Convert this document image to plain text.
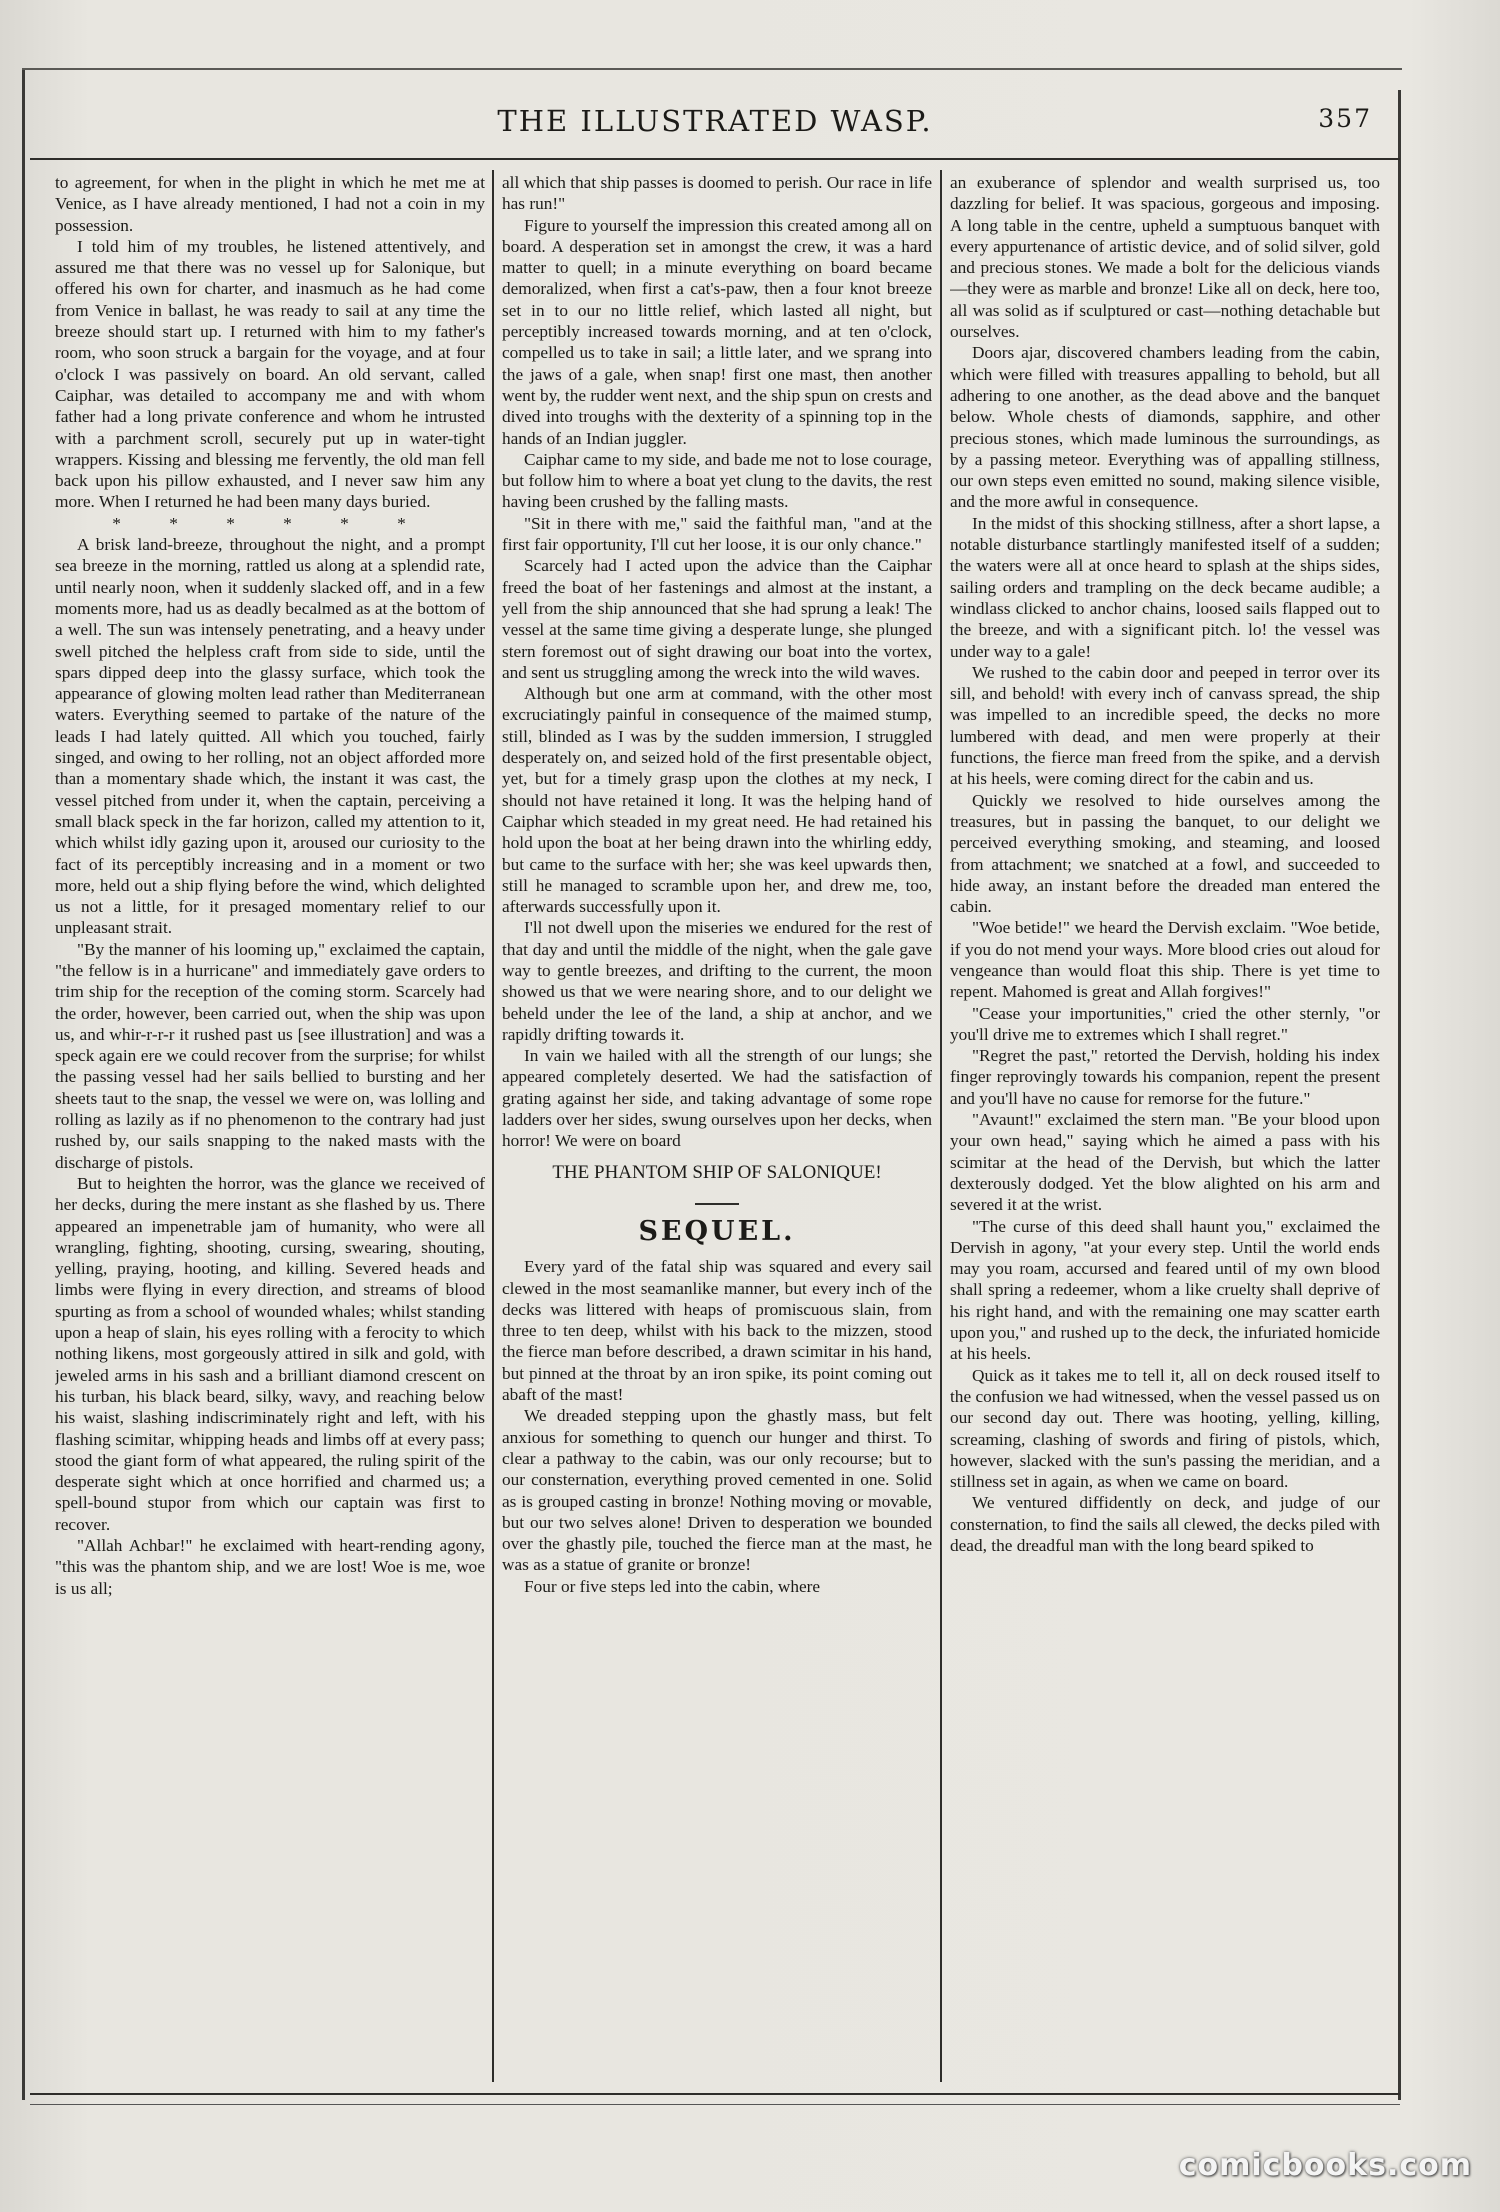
THE ILLUSTRATED WASP.	357

to agreement, for when in the plight in which he met me at Venice, as I have already mentioned, I had not a coin in my possession.

I told him of my troubles, he listened attentively, and assured me that there was no vessel up for Salonique, but offered his own for charter, and inasmuch as he had come from Venice in ballast, he was ready to sail at any time the breeze should start up. I returned with him to my father's room, who soon struck a bargain for the voyage, and at four o'clock I was passively on board. An old servant, called Caiphar, was detailed to accompany me and with whom father had a long private conference and whom he intrusted with a parchment scroll, securely put up in water-tight wrappers. Kissing and blessing me fervently, the old man fell back upon his pillow exhausted, and I never saw him any more. When I returned he had been many days buried.

* * * * * *

A brisk land-breeze, throughout the night, and a prompt sea breeze in the morning, rattled us along at a splendid rate, until nearly noon, when it suddenly slacked off, and in a few moments more, had us as deadly becalmed as at the bottom of a well. The sun was intensely penetrating, and a heavy under swell pitched the helpless craft from side to side, until the spars dipped deep into the glassy surface, which took the appearance of glowing molten lead rather than Mediterranean waters. Everything seemed to partake of the nature of the leads I had lately quitted. All which you touched, fairly singed, and owing to her rolling, not an object afforded more than a momentary shade which, the instant it was cast, the vessel pitched from under it, when the captain, perceiving a small black speck in the far horizon, called my attention to it, which whilst idly gazing upon it, aroused our curiosity to the fact of its perceptibly increasing and in a moment or two more, held out a ship flying before the wind, which delighted us not a little, for it presaged momentary relief to our unpleasant strait.

"By the manner of his looming up," exclaimed the captain, "the fellow is in a hurricane" and immediately gave orders to trim ship for the reception of the coming storm. Scarcely had the order, however, been carried out, when the ship was upon us, and whir-r-r-r it rushed past us [see illustration] and was a speck again ere we could recover from the surprise; for whilst the passing vessel had her sails bellied to bursting and her sheets taut to the snap, the vessel we were on, was lolling and rolling as lazily as if no phenomenon to the contrary had just rushed by, our sails snapping to the naked masts with the discharge of pistols.

But to heighten the horror, was the glance we received of her decks, during the mere instant as she flashed by us. There appeared an impenetrable jam of humanity, who were all wrangling, fighting, shooting, cursing, swearing, shouting, yelling, praying, hooting, and killing. Severed heads and limbs were flying in every direction, and streams of blood spurting as from a school of wounded whales; whilst standing upon a heap of slain, his eyes rolling with a ferocity to which nothing likens, most gorgeously attired in silk and gold, with jeweled arms in his sash and a brilliant diamond crescent on his turban, his black beard, silky, wavy, and reaching below his waist, slashing indiscriminately right and left, with his flashing scimitar, whipping heads and limbs off at every pass; stood the giant form of what appeared, the ruling spirit of the desperate sight which at once horrified and charmed us; a spell-bound stupor from which our captain was first to recover.

"Allah Achbar!" he exclaimed with heart-rending agony, "this was the phantom ship, and we are lost! Woe is me, woe is us all;

all which that ship passes is doomed to perish. Our race in life has run!"

Figure to yourself the impression this created among all on board. A desperation set in amongst the crew, it was a hard matter to quell; in a minute everything on board became demoralized, when first a cat's-paw, then a four knot breeze set in to our no little relief, which lasted all night, but perceptibly increased towards morning, and at ten o'clock, compelled us to take in sail; a little later, and we sprang into the jaws of a gale, when snap! first one mast, then another went by, the rudder went next, and the ship spun on crests and dived into troughs with the dexterity of a spinning top in the hands of an Indian juggler.

Caiphar came to my side, and bade me not to lose courage, but follow him to where a boat yet clung to the davits, the rest having been crushed by the falling masts.

"Sit in there with me," said the faithful man, "and at the first fair opportunity, I'll cut her loose, it is our only chance."

Scarcely had I acted upon the advice than the Caiphar freed the boat of her fastenings and almost at the instant, a yell from the ship announced that she had sprung a leak! The vessel at the same time giving a desperate lunge, she plunged stern foremost out of sight drawing our boat into the vortex, and sent us struggling among the wreck into the wild waves.

Although but one arm at command, with the other most excruciatingly painful in consequence of the maimed stump, still, blinded as I was by the sudden immersion, I struggled desperately on, and seized hold of the first presentable object, yet, but for a timely grasp upon the clothes at my neck, I should not have retained it long. It was the helping hand of Caiphar which steaded in my great need. He had retained his hold upon the boat at her being drawn into the whirling eddy, but came to the surface with her; she was keel upwards then, still he managed to scramble upon her, and drew me, too, afterwards successfully upon it.

I'll not dwell upon the miseries we endured for the rest of that day and until the middle of the night, when the gale gave way to gentle breezes, and drifting to the current, the moon showed us that we were nearing shore, and to our delight we beheld under the lee of the land, a ship at anchor, and we rapidly drifting towards it.

In vain we hailed with all the strength of our lungs; she appeared completely deserted. We had the satisfaction of grating against her side, and taking advantage of some rope ladders over her sides, swung ourselves upon her decks, when horror! We were on board

THE PHANTOM SHIP OF SALONIQUE!

SEQUEL.

Every yard of the fatal ship was squared and every sail clewed in the most seamanlike manner, but every inch of the decks was littered with heaps of promiscuous slain, from three to ten deep, whilst with his back to the mizzen, stood the fierce man before described, a drawn scimitar in his hand, but pinned at the throat by an iron spike, its point coming out abaft of the mast!

We dreaded stepping upon the ghastly mass, but felt anxious for something to quench our hunger and thirst. To clear a pathway to the cabin, was our only recourse; but to our consternation, everything proved cemented in one. Solid as is grouped casting in bronze! Nothing moving or movable, but our two selves alone! Driven to desperation we bounded over the ghastly pile, touched the fierce man at the mast, he was as a statue of granite or bronze!

Four or five steps led into the cabin, where

an exuberance of splendor and wealth surprised us, too dazzling for belief. It was spacious, gorgeous and imposing. A long table in the centre, upheld a sumptuous banquet with every appurtenance of artistic device, and of solid silver, gold and precious stones. We made a bolt for the delicious viands—they were as marble and bronze! Like all on deck, here too, all was solid as if sculptured or cast—nothing detachable but ourselves.

Doors ajar, discovered chambers leading from the cabin, which were filled with treasures appalling to behold, but all adhering to one another, as the dead above and the banquet below. Whole chests of diamonds, sapphire, and other precious stones, which made luminous the surroundings, as by a passing meteor. Everything was of appalling stillness, our own steps even emitted no sound, making silence visible, and the more awful in consequence.

In the midst of this shocking stillness, after a short lapse, a notable disturbance startlingly manifested itself of a sudden; the waters were all at once heard to splash at the ships sides, sailing orders and trampling on the deck became audible; a windlass clicked to anchor chains, loosed sails flapped out to the breeze, and with a significant pitch. lo! the vessel was under way to a gale!

We rushed to the cabin door and peeped in terror over its sill, and behold! with every inch of canvass spread, the ship was impelled to an incredible speed, the decks no more lumbered with dead, and men were properly at their functions, the fierce man freed from the spike, and a dervish at his heels, were coming direct for the cabin and us.

Quickly we resolved to hide ourselves among the treasures, but in passing the banquet, to our delight we perceived everything smoking, and steaming, and loosed from attachment; we snatched at a fowl, and succeeded to hide away, an instant before the dreaded man entered the cabin.

"Woe betide!" we heard the Dervish exclaim. "Woe betide, if you do not mend your ways. More blood cries out aloud for vengeance than would float this ship. There is yet time to repent. Mahomed is great and Allah forgives!"

"Cease your importunities," cried the other sternly, "or you'll drive me to extremes which I shall regret."

"Regret the past," retorted the Dervish, holding his index finger reprovingly towards his companion, repent the present and you'll have no cause for remorse for the future."

"Avaunt!" exclaimed the stern man. "Be your blood upon your own head," saying which he aimed a pass with his scimitar at the head of the Dervish, but which the latter dexterously dodged. Yet the blow alighted on his arm and severed it at the wrist.

"The curse of this deed shall haunt you," exclaimed the Dervish in agony, "at your every step. Until the world ends may you roam, accursed and feared until of my own blood shall spring a redeemer, whom a like cruelty shall deprive of his right hand, and with the remaining one may scatter earth upon you," and rushed up to the deck, the infuriated homicide at his heels.

Quick as it takes me to tell it, all on deck roused itself to the confusion we had witnessed, when the vessel passed us on our second day out. There was hooting, yelling, killing, screaming, clashing of swords and firing of pistols, which, however, slacked with the sun's passing the meridian, and a stillness set in again, as when we came on board.

We ventured diffidently on deck, and judge of our consternation, to find the sails all clewed, the decks piled with dead, the dreadful man with the long beard spiked to

comicbooks.com
